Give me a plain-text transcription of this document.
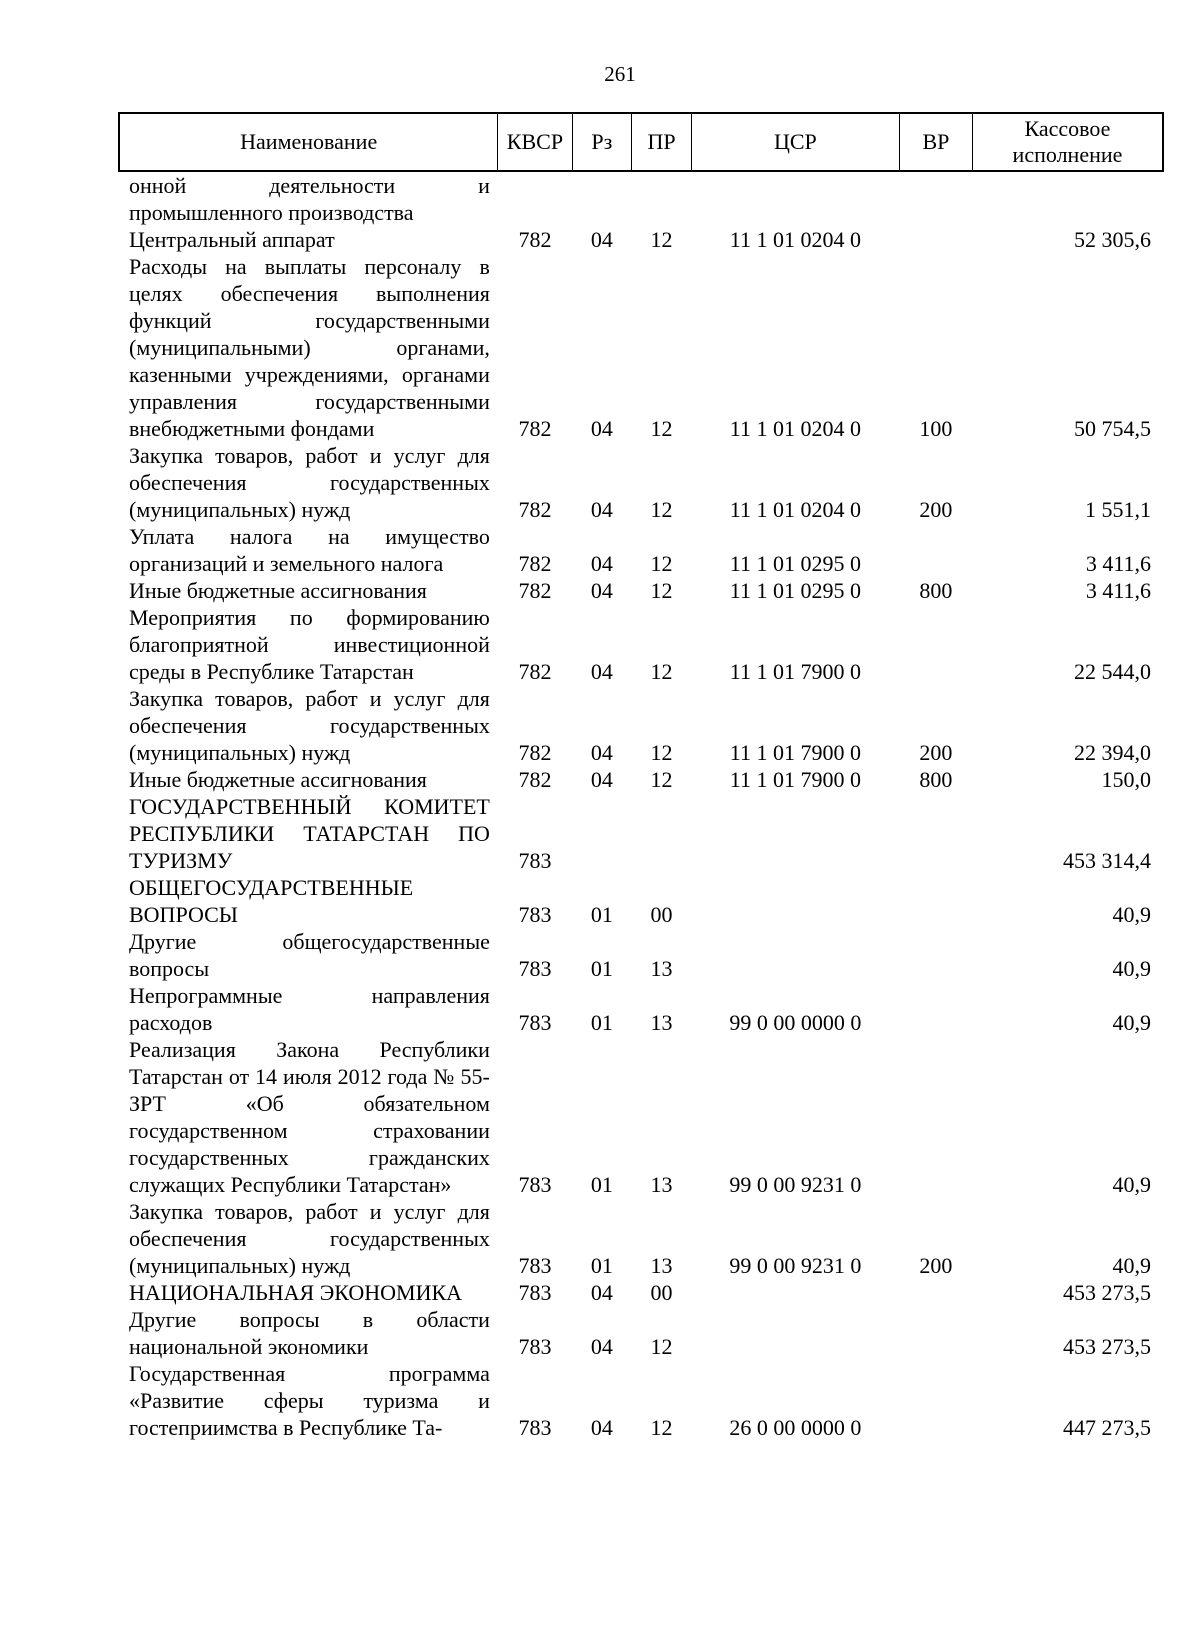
261
Наименование	КВСР	Рз	ПР	ЦСР	ВР	Кассовое исполнение
онной деятельности и промышленного производства						
Центральный аппарат	782	04	12	11 1 01 0204 0		52 305,6
Расходы на выплаты персоналу в целях обеспечения выполнения функций государственными (муниципальными) органами, казенными учреждениями, органами управления государственными внебюджетными фондами	782	04	12	11 1 01 0204 0	100	50 754,5
Закупка товаров, работ и услуг для обеспечения государственных (муниципальных) нужд	782	04	12	11 1 01 0204 0	200	1 551,1
Уплата налога на имущество организаций и земельного налога	782	04	12	11 1 01 0295 0		3 411,6
Иные бюджетные ассигнования	782	04	12	11 1 01 0295 0	800	3 411,6
Мероприятия по формированию благоприятной инвестиционной среды в Республике Татарстан	782	04	12	11 1 01 7900 0		22 544,0
Закупка товаров, работ и услуг для обеспечения государственных (муниципальных) нужд	782	04	12	11 1 01 7900 0	200	22 394,0
Иные бюджетные ассигнования	782	04	12	11 1 01 7900 0	800	150,0
ГОСУДАРСТВЕННЫЙ КОМИТЕТ РЕСПУБЛИКИ ТАТАРСТАН ПО ТУРИЗМУ	783					453 314,4
ОБЩЕГОСУДАРСТВЕННЫЕ ВОПРОСЫ	783	01	00			40,9
Другие общегосударственные вопросы	783	01	13			40,9
Непрограммные направления расходов	783	01	13	99 0 00 0000 0		40,9
Реализация Закона Республики Татарстан от 14 июля 2012 года № 55-ЗРТ «Об обязательном государственном страховании государственных гражданских служащих Республики Татарстан»	783	01	13	99 0 00 9231 0		40,9
Закупка товаров, работ и услуг для обеспечения государственных (муниципальных) нужд	783	01	13	99 0 00 9231 0	200	40,9
НАЦИОНАЛЬНАЯ ЭКОНОМИКА	783	04	00			453 273,5
Другие вопросы в области национальной экономики	783	04	12			453 273,5
Государственная программа «Развитие сферы туризма и гостеприимства в Республике Та-	783	04	12	26 0 00 0000 0		447 273,5
